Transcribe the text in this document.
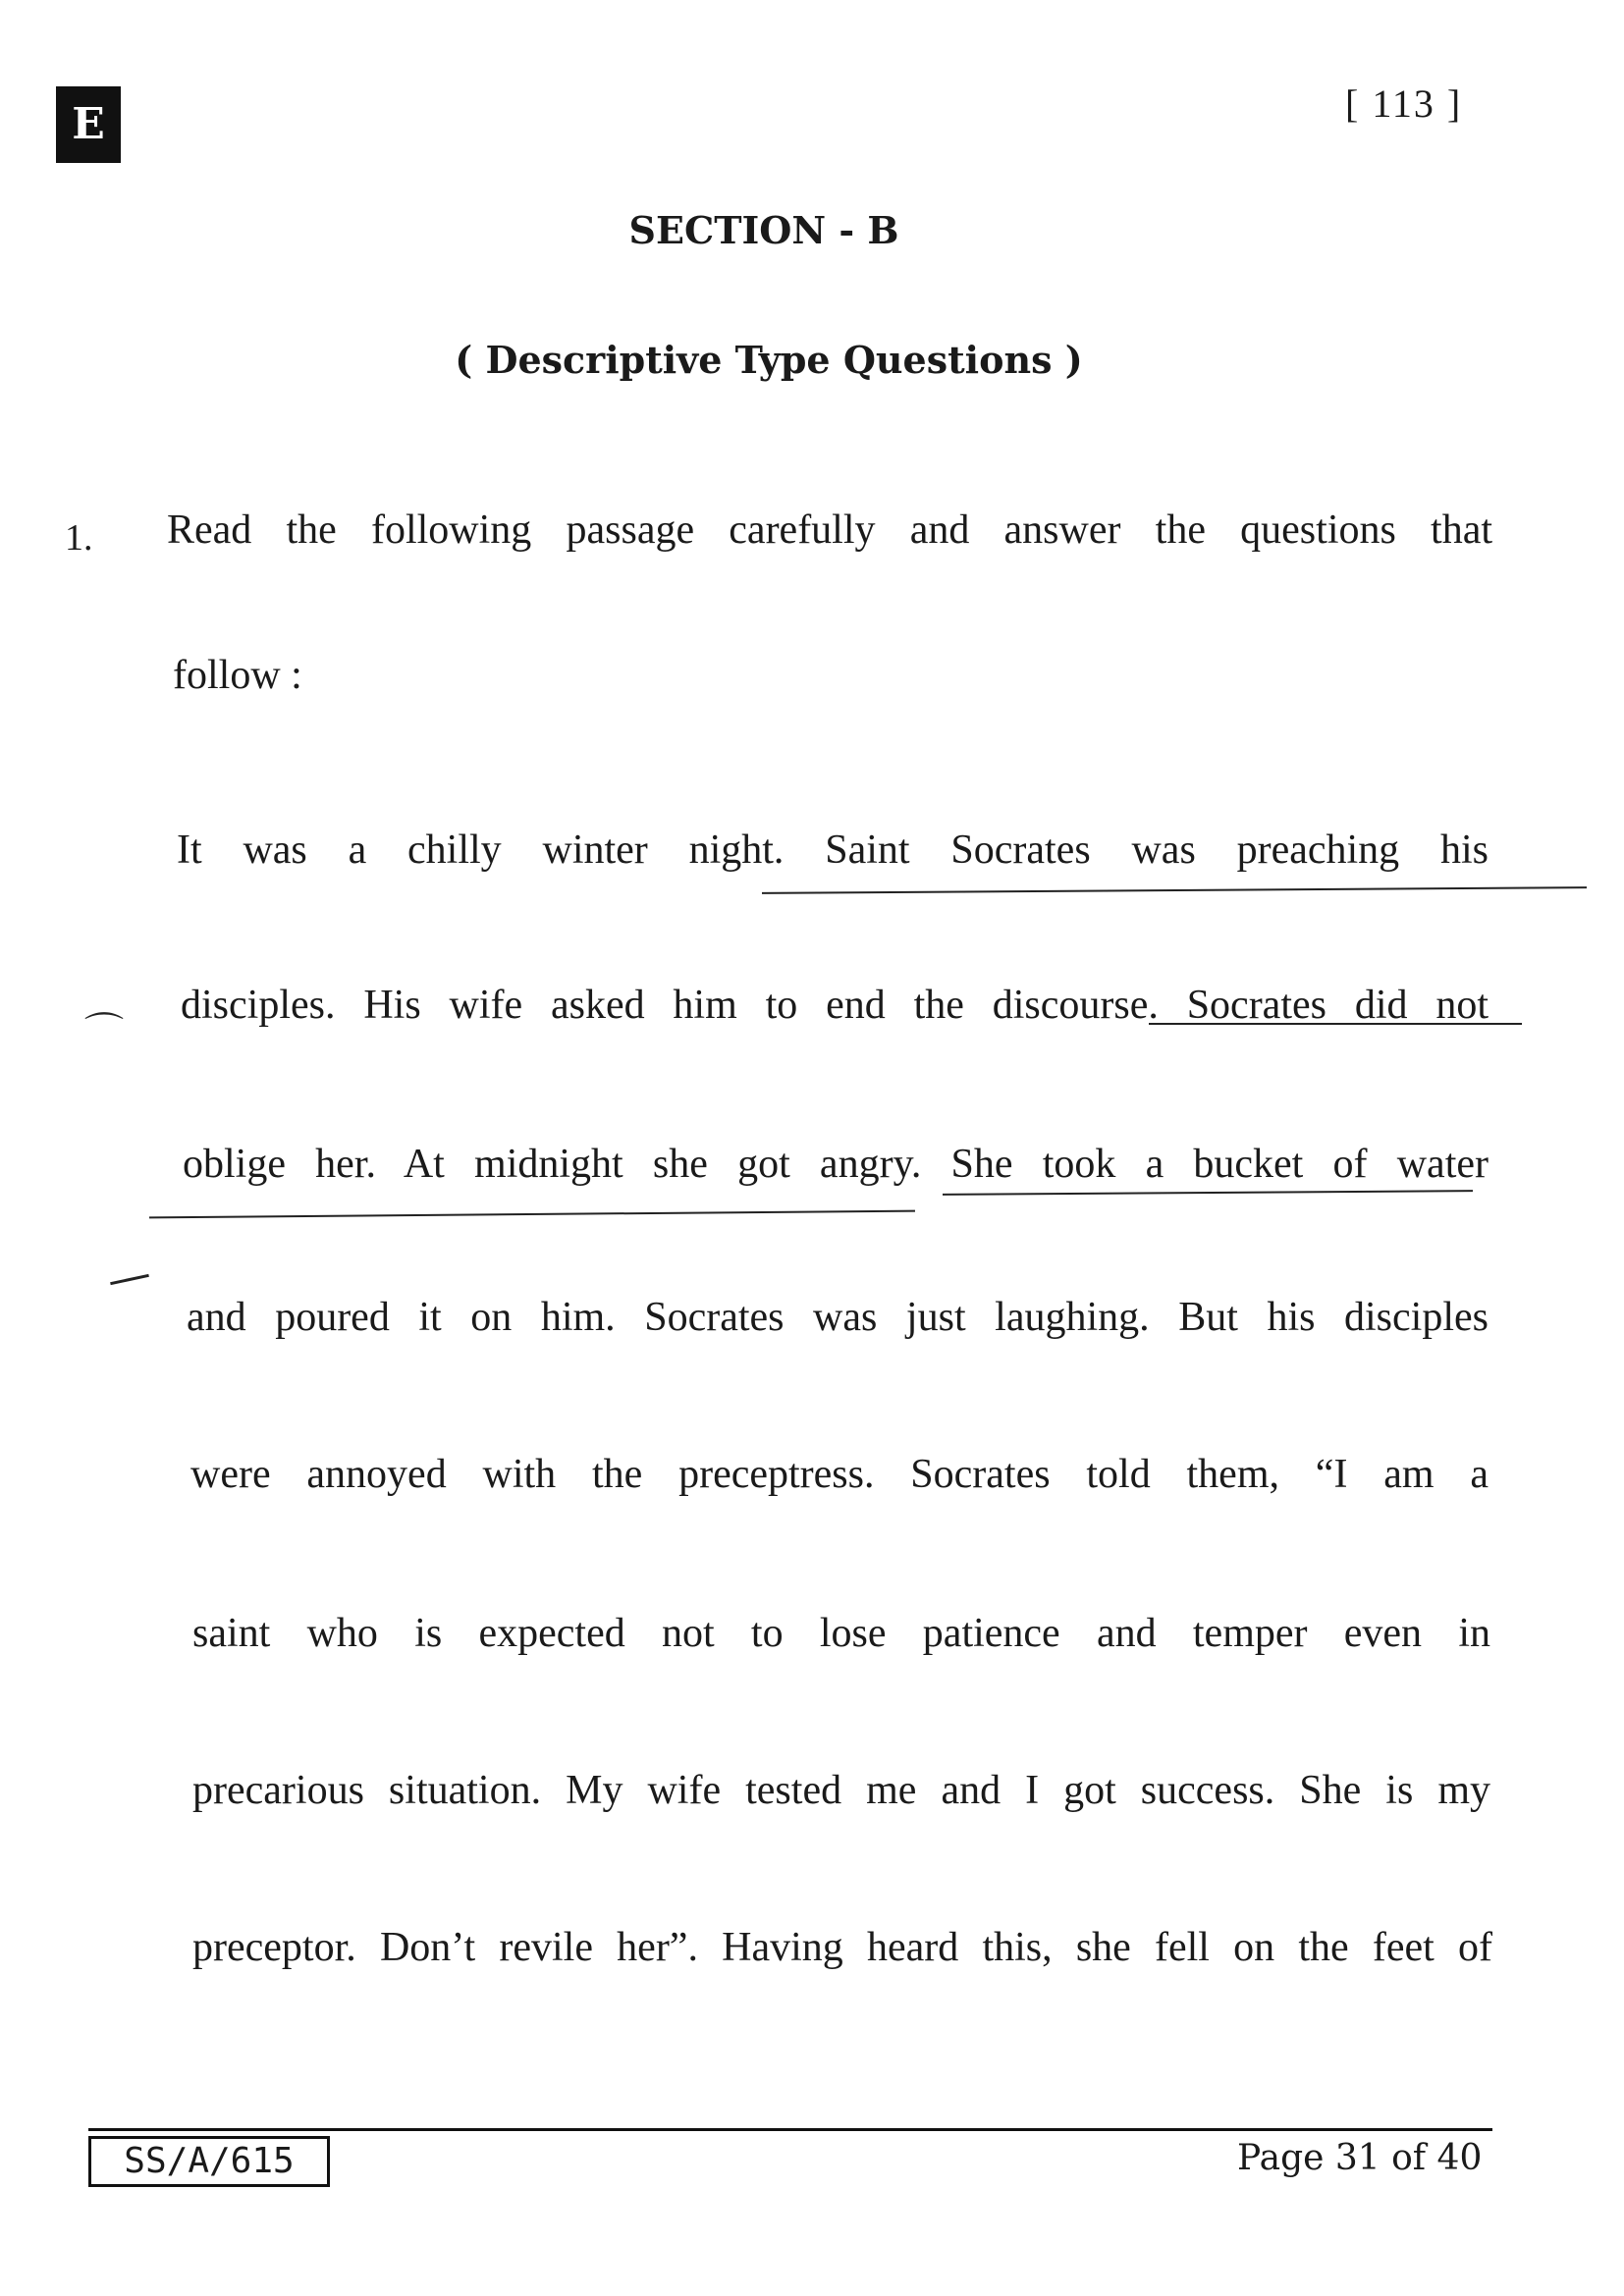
E	[ 113 ]
SECTION - B
( Descriptive Type Questions )
1. Read the following passage carefully and answer the questions that
follow :
It was a chilly winter night. Saint Socrates was preaching his
disciples. His wife asked him to end the discourse. Socrates did not
oblige her. At midnight she got angry. She took a bucket of water
and poured it on him. Socrates was just laughing. But his disciples
were annoyed with the preceptress. Socrates told them, “I am a
saint who is expected not to lose patience and temper even in
precarious situation. My wife tested me and I got success. She is my
preceptor. Don’t revile her”. Having heard this, she fell on the feet of
⌒
SS/A/615	Page 31 of 40
